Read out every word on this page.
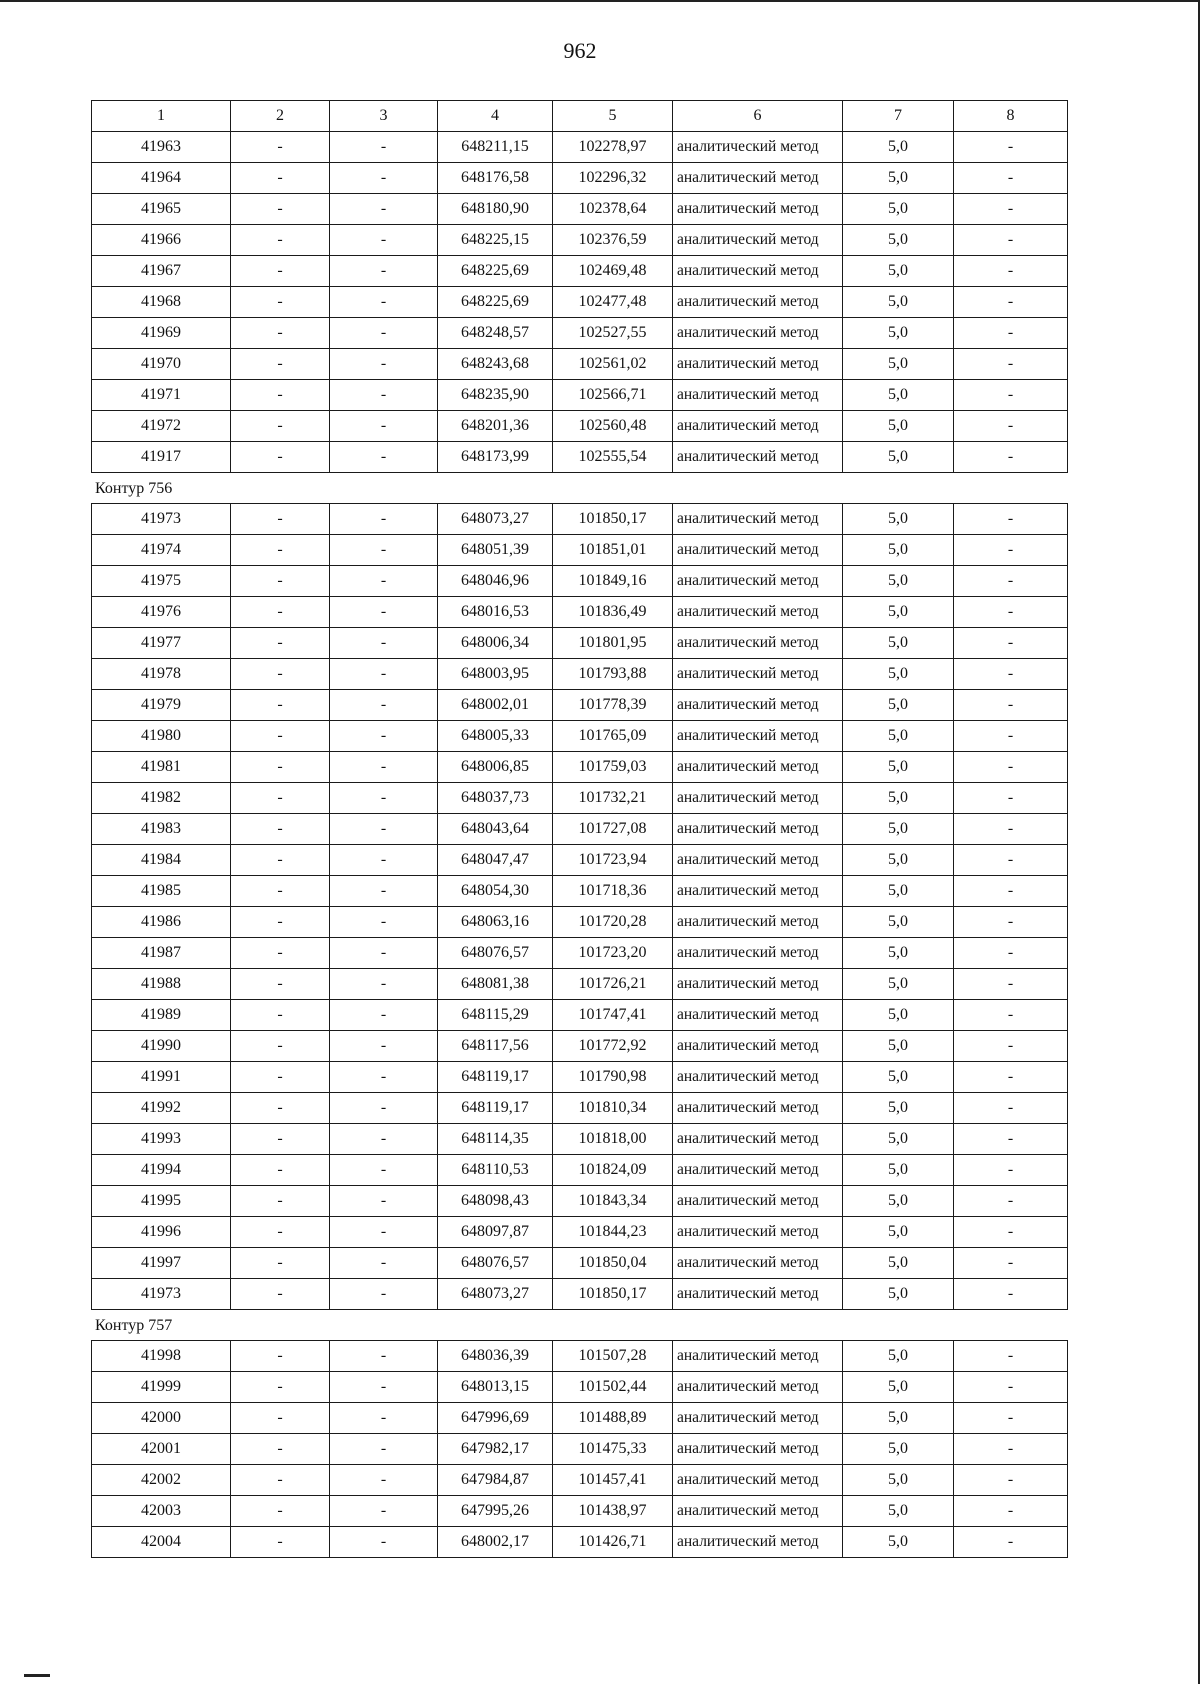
962
1	2	3	4	5	6	7	8
41963	-	-	648211,15	102278,97	аналитический метод	5,0	-
41964	-	-	648176,58	102296,32	аналитический метод	5,0	-
41965	-	-	648180,90	102378,64	аналитический метод	5,0	-
41966	-	-	648225,15	102376,59	аналитический метод	5,0	-
41967	-	-	648225,69	102469,48	аналитический метод	5,0	-
41968	-	-	648225,69	102477,48	аналитический метод	5,0	-
41969	-	-	648248,57	102527,55	аналитический метод	5,0	-
41970	-	-	648243,68	102561,02	аналитический метод	5,0	-
41971	-	-	648235,90	102566,71	аналитический метод	5,0	-
41972	-	-	648201,36	102560,48	аналитический метод	5,0	-
41917	-	-	648173,99	102555,54	аналитический метод	5,0	-
Контур 756
41973	-	-	648073,27	101850,17	аналитический метод	5,0	-
41974	-	-	648051,39	101851,01	аналитический метод	5,0	-
41975	-	-	648046,96	101849,16	аналитический метод	5,0	-
41976	-	-	648016,53	101836,49	аналитический метод	5,0	-
41977	-	-	648006,34	101801,95	аналитический метод	5,0	-
41978	-	-	648003,95	101793,88	аналитический метод	5,0	-
41979	-	-	648002,01	101778,39	аналитический метод	5,0	-
41980	-	-	648005,33	101765,09	аналитический метод	5,0	-
41981	-	-	648006,85	101759,03	аналитический метод	5,0	-
41982	-	-	648037,73	101732,21	аналитический метод	5,0	-
41983	-	-	648043,64	101727,08	аналитический метод	5,0	-
41984	-	-	648047,47	101723,94	аналитический метод	5,0	-
41985	-	-	648054,30	101718,36	аналитический метод	5,0	-
41986	-	-	648063,16	101720,28	аналитический метод	5,0	-
41987	-	-	648076,57	101723,20	аналитический метод	5,0	-
41988	-	-	648081,38	101726,21	аналитический метод	5,0	-
41989	-	-	648115,29	101747,41	аналитический метод	5,0	-
41990	-	-	648117,56	101772,92	аналитический метод	5,0	-
41991	-	-	648119,17	101790,98	аналитический метод	5,0	-
41992	-	-	648119,17	101810,34	аналитический метод	5,0	-
41993	-	-	648114,35	101818,00	аналитический метод	5,0	-
41994	-	-	648110,53	101824,09	аналитический метод	5,0	-
41995	-	-	648098,43	101843,34	аналитический метод	5,0	-
41996	-	-	648097,87	101844,23	аналитический метод	5,0	-
41997	-	-	648076,57	101850,04	аналитический метод	5,0	-
41973	-	-	648073,27	101850,17	аналитический метод	5,0	-
Контур 757
41998	-	-	648036,39	101507,28	аналитический метод	5,0	-
41999	-	-	648013,15	101502,44	аналитический метод	5,0	-
42000	-	-	647996,69	101488,89	аналитический метод	5,0	-
42001	-	-	647982,17	101475,33	аналитический метод	5,0	-
42002	-	-	647984,87	101457,41	аналитический метод	5,0	-
42003	-	-	647995,26	101438,97	аналитический метод	5,0	-
42004	-	-	648002,17	101426,71	аналитический метод	5,0	-
